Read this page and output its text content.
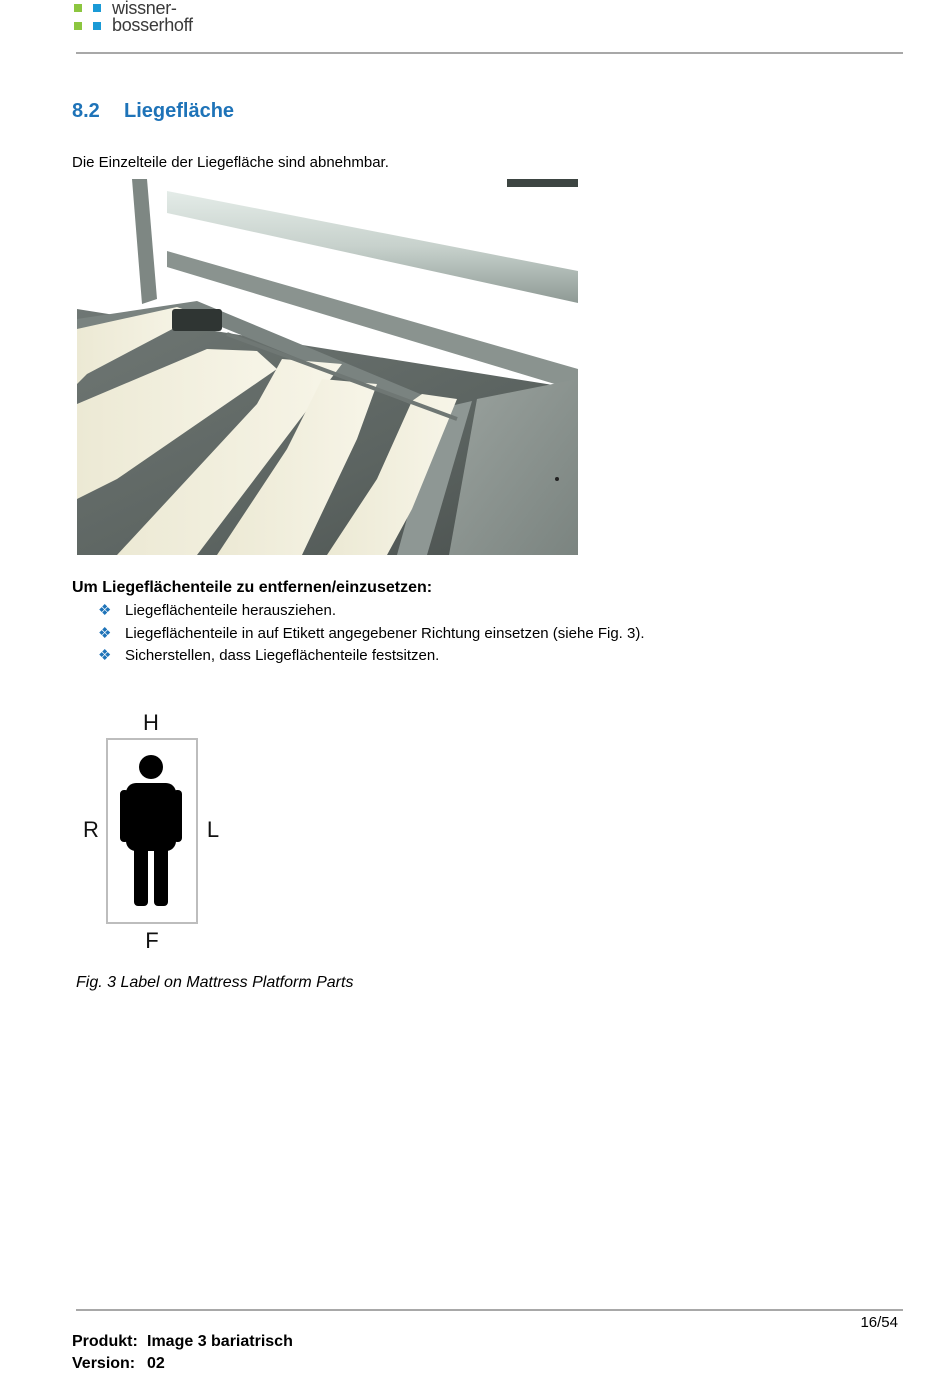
wissner-
bosserhoff
8.2 Liegefläche
Die Einzelteile der Liegefläche sind abnehmbar.
Um Liegeflächenteile zu entfernen/einzusetzen:
❖ Liegeflächenteile herausziehen.
❖ Liegeflächenteile in auf Etikett angegebener Richtung einsetzen (siehe Fig. 3).
❖ Sicherstellen, dass Liegeflächenteile festsitzen.
H
F
R	L
Fig. 3 Label on Mattress Platform Parts
16/54
Produkt: Image 3 bariatrisch
Version: 02
